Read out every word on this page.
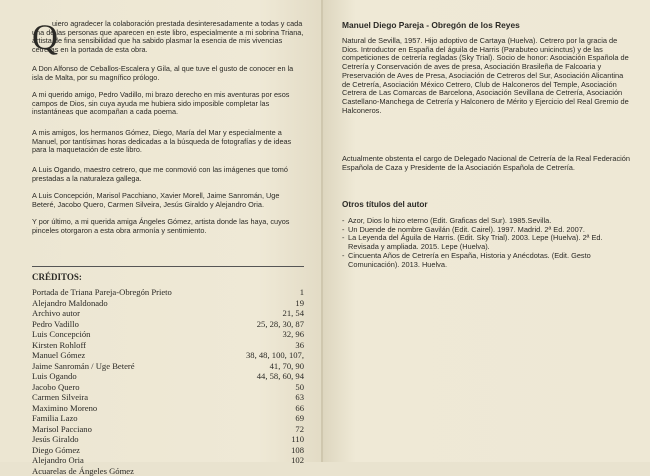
Q

uiero agradecer la colaboración prestada desinteresadamente a todas y cada una de las personas que aparecen en este libro, especialmente a mi sobrina Triana, artista de fina sensibilidad que ha sabido plasmar la esencia de mis vivencias cetreras en la portada de esta obra.

A Don Alfonso de Ceballos-Escalera y Gila, al que tuve el gusto de conocer en la isla de Malta, por su magnífico prólogo.

A mi querido amigo, Pedro Vadillo, mi brazo derecho en mis aventuras por esos campos de Dios, sin cuya ayuda me hubiera sido imposible completar las instantáneas que acompañan a cada poema.

A mis amigos, los hermanos Gómez, Diego, María del Mar y especialmente a Manuel, por tantísimas horas dedicadas a la búsqueda de fotografías y de ideas para la maquetación de este libro.

A Luis Ogando, maestro cetrero, que me conmovió con las imágenes que tomó prestadas a la naturaleza gallega.

A Luis Concepción, Marisol Pacchiano, Xavier Morell, Jaime Sanromán, Uge Beteré, Jacobo Quero, Carmen Silveira, Jesús Giraldo y Alejandro Oria.

Y por último, a mi querida amiga Ángeles Gómez, artista donde las haya, cuyos pinceles otorgaron a esta obra armonía y sentimiento.

CRÉDITOS:
Portada de Triana Pareja-Obregón Prieto	1
Alejandro Maldonado	19
Archivo autor	21, 54
Pedro Vadillo	25, 28, 30, 87
Luis Concepción	32, 96
Kirsten Rohloff	36
Manuel Gómez	38, 48, 100, 107,
Jaime Sanromán / Uge Beteré	41, 70, 90
Luis Ogando	44, 58, 60, 94
Jacobo Quero	50
Carmen Silveira	63
Maximino Moreno	66
Familia Lazo	69
Marisol Pacciano	72
Jesús Giraldo	110
Diego Gómez	108
Alejandro Oria	102
Acuarelas de Ángeles Gómez
Manuel Diego Pareja - Obregón de los Reyes

Natural de Sevilla, 1957. Hijo adoptivo de Cartaya (Huelva). Cetrero por la gracia de Dios. Introductor en España del águila de Harris (Parabuteo unicinctus) y de las competiciones de cetrería regladas (Sky Trial). Socio de honor: Asociación Española de Cetrería y Conservación de aves de presa, Asociación Brasileña de Falcoaria y Preservación de Aves de Presa, Asociación de Cetreros del Sur, Asociación Alicantina de Cetrería, Asociación México Cetrero, Club de Halconeros del Temple, Asociación Cetrera de Las Comarcas de Barcelona, Asociación Sevillana de Cetrería, Asociación Castellano-Manchega de Cetrería y Halconero de Mérito y Ejercicio del Real Gremio de Halconeros.

Actualmente obstenta el cargo de Delegado Nacional de Cetrería de la Real Federación Española de Caza y Presidente de la Asociación Española de Cetrería.

Otros títulos del autor
- Azor, Dios lo hizo eterno (Edit. Graficas del Sur). 1985.Sevilla.
- Un Duende de nombre Gavilán (Edit. Cairel). 1997. Madrid. 2ª Ed. 2007.
- La Leyenda del Águila de Harris. (Edit. Sky Trial). 2003. Lepe (Huelva). 2ª Ed. Revisada y ampliada. 2015. Lepe (Huelva).
- Cincuenta Años de Cetrería en España, Historia y Anécdotas. (Edit. Gesto Comunicación). 2013. Huelva.
